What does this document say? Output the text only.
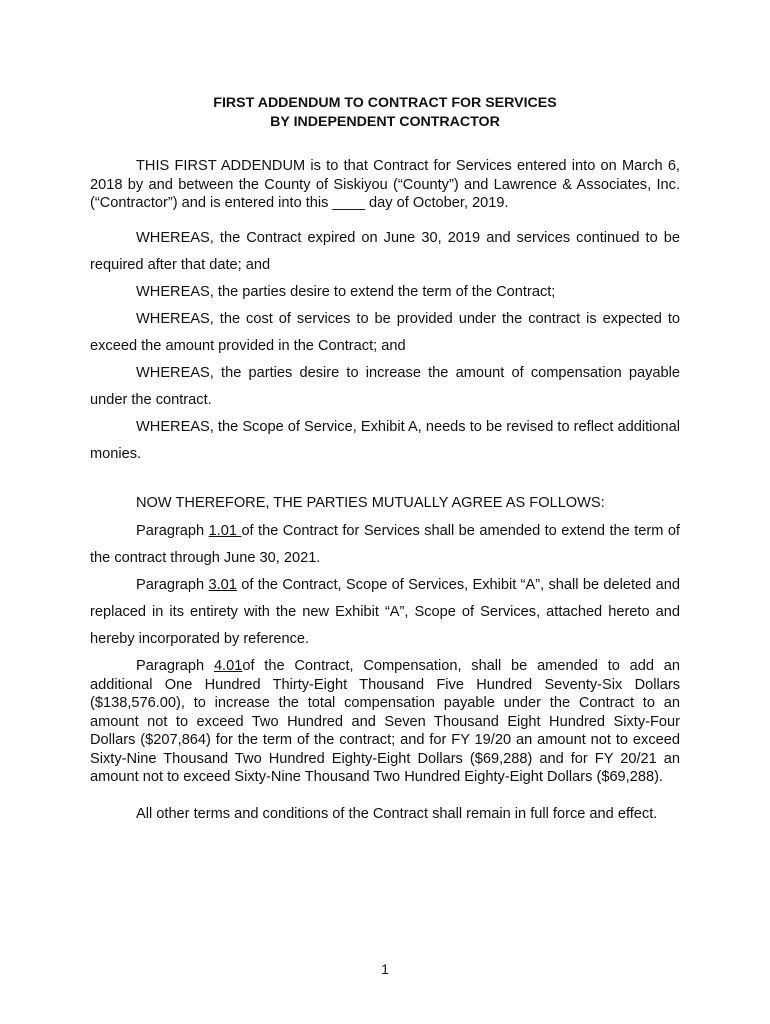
FIRST ADDENDUM TO CONTRACT FOR SERVICES
BY INDEPENDENT CONTRACTOR

THIS FIRST ADDENDUM is to that Contract for Services entered into on March 6, 2018 by and between the County of Siskiyou (“County”) and Lawrence & Associates, Inc. (“Contractor”) and is entered into this ____ day of October, 2019.

WHEREAS, the Contract expired on June 30, 2019 and services continued to be required after that date; and

WHEREAS, the parties desire to extend the term of the Contract;

WHEREAS, the cost of services to be provided under the contract is expected to exceed the amount provided in the Contract; and

WHEREAS, the parties desire to increase the amount of compensation payable under the contract.

WHEREAS, the Scope of Service, Exhibit A, needs to be revised to reflect additional monies.

NOW THEREFORE, THE PARTIES MUTUALLY AGREE AS FOLLOWS:

Paragraph 1.01 of the Contract for Services shall be amended to extend the term of the contract through June 30, 2021.

Paragraph 3.01 of the Contract, Scope of Services, Exhibit “A”, shall be deleted and replaced in its entirety with the new Exhibit “A”, Scope of Services, attached hereto and hereby incorporated by reference.

Paragraph 4.01of the Contract, Compensation, shall be amended to add an additional One Hundred Thirty-Eight Thousand Five Hundred Seventy-Six Dollars ($138,576.00), to increase the total compensation payable under the Contract to an amount not to exceed Two Hundred and Seven Thousand Eight Hundred Sixty-Four Dollars ($207,864) for the term of the contract; and for FY 19/20 an amount not to exceed Sixty-Nine Thousand Two Hundred Eighty-Eight Dollars ($69,288) and for FY 20/21 an amount not to exceed Sixty-Nine Thousand Two Hundred Eighty-Eight Dollars ($69,288).

All other terms and conditions of the Contract shall remain in full force and effect.

1
